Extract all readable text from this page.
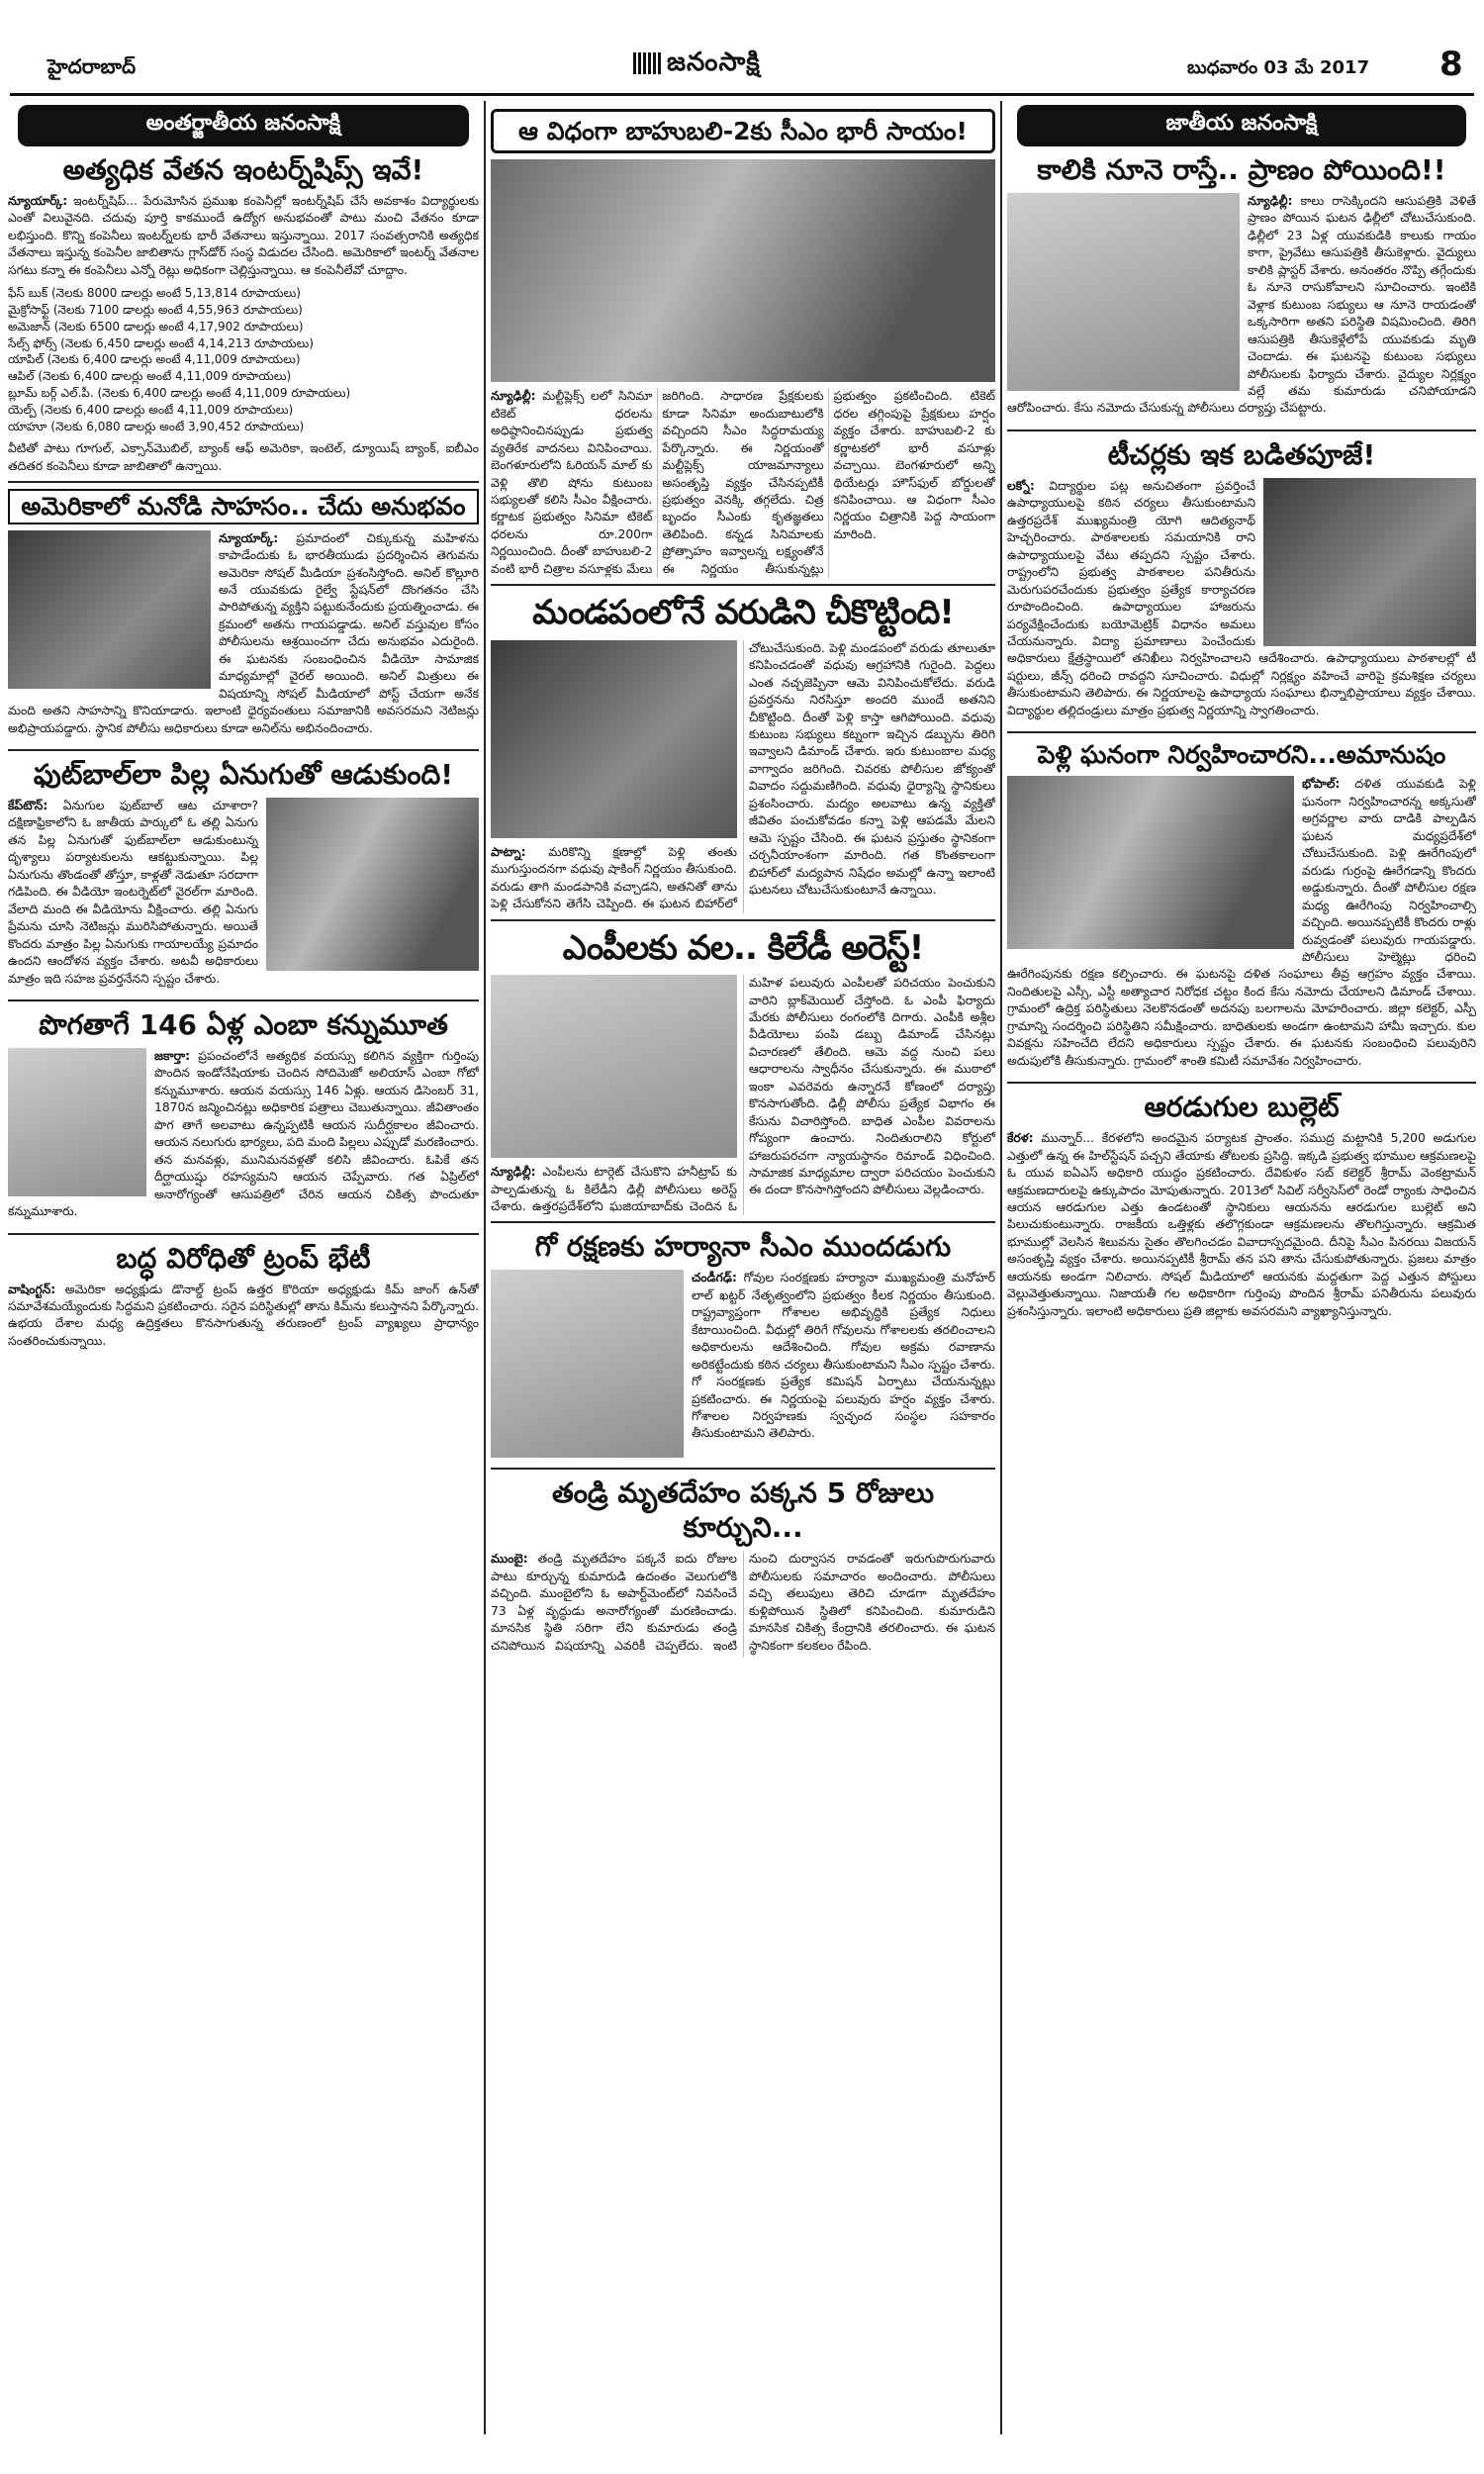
హైదరాబాద్	జనంసాక్షి	బుధవారం 03 మే 2017 8
అంతర్జాతీయ జనంసాక్షి
అత్యధిక వేతన ఇంటర్న్‌షిప్స్‌ ఇవే!

న్యూయార్క్‌: ఇంటర్న్‌షిప్‌... పేరుమోసిన ప్రముఖ కంపెనీల్లో ఇంటర్న్‌షిప్‌ చేసే అవకాశం విద్యార్థులకు ఎంతో విలువైనది. చదువు పూర్తి కాకముందే ఉద్యోగ అనుభవంతో పాటు మంచి వేతనం కూడా లభిస్తుంది. కొన్ని కంపెనీలు ఇంటర్న్‌లకు భారీ వేతనాలు ఇస్తున్నాయి. 2017 సంవత్సరానికి అత్యధిక వేతనాలు ఇస్తున్న కంపెనీల జాబితాను గ్లాస్‌డోర్‌ సంస్థ విడుదల చేసింది. అమెరికాలో ఇంటర్న్‌ వేతనాల సగటు కన్నా ఈ కంపెనీలు ఎన్నో రెట్లు అధికంగా చెల్లిస్తున్నాయి. ఆ కంపెనీలేవో చూద్దాం.

ఫేస్‌ బుక్‌ (నెలకు 8000 డాలర్లు అంటే 5,13,814 రూపాయలు)
మైక్రోసాఫ్ట్‌ (నెలకు 7100 డాలర్లు అంటే 4,55,963 రూపాయలు)
అమెజాన్‌ (నెలకు 6500 డాలర్లు అంటే 4,17,902 రూపాయలు)
సేల్స్‌ ఫోర్స్‌ (నెలకు 6,450 డాలర్లు అంటే 4,14,213 రూపాయలు)
యాపిల్‌ (నెలకు 6,400 డాలర్లు అంటే 4,11,009 రూపాయలు)
ఆపిల్‌ (నెలకు 6,400 డాలర్లు అంటే 4,11,009 రూపాయలు)
బ్లూమ్‌ బర్గ్‌ ఎల్‌.పీ. (నెలకు 6,400 డాలర్లు అంటే 4,11,009 రూపాయలు)
యెల్ప్‌ (నెలకు 6,400 డాలర్లు అంటే 4,11,009 రూపాయలు)
యాహూ (నెలకు 6,080 డాలర్లు అంటే 3,90,452 రూపాయలు)

వీటితో పాటు గూగుల్‌, ఎక్సాన్‌మొబిల్‌, బ్యాంక్‌ ఆఫ్‌ అమెరికా, ఇంటెల్‌, డ్యూయిష్‌ బ్యాంక్‌, ఐబీఎం తదితర కంపెనీలు కూడా జాబితాలో ఉన్నాయి.

అమెరికాలో మనోడి సాహసం.. చేదు అనుభవం

న్యూయార్క్‌: ప్రమాదంలో చిక్కుకున్న మహిళను కాపాడేందుకు ఓ భారతీయుడు ప్రదర్శించిన తెగువను అమెరికా సోషల్‌ మీడియా ప్రశంసిస్తోంది. అనిల్‌ కొల్లూరి అనే యువకుడు రైల్వే స్టేషన్‌లో దొంగతనం చేసి పారిపోతున్న వ్యక్తిని పట్టుకునేందుకు ప్రయత్నించాడు. ఈ క్రమంలో అతను గాయపడ్డాడు. అనిల్‌ వస్తువుల కోసం పోలీసులను ఆశ్రయించగా చేదు అనుభవం ఎదురైంది. ఈ ఘటనకు సంబంధించిన వీడియో సామాజిక మాధ్యమాల్లో వైరల్‌ అయింది. అనిల్‌ మిత్రులు ఈ విషయాన్ని సోషల్‌ మీడియాలో పోస్ట్‌ చేయగా అనేక మంది అతని సాహసాన్ని కొనియాడారు. ఇలాంటి ధైర్యవంతులు సమాజానికి అవసరమని నెటిజన్లు అభిప్రాయపడ్డారు. స్థానిక పోలీసు అధికారులు కూడా అనిల్‌ను అభినందించారు.

ఫుట్‌బాల్‌లా పిల్ల ఏనుగుతో ఆడుకుంది!

కేప్‌టౌన్‌: ఏనుగుల ఫుట్‌బాల్‌ ఆట చూశారా? దక్షిణాఫ్రికాలోని ఓ జాతీయ పార్కులో ఓ తల్లి ఏనుగు తన పిల్ల ఏనుగుతో ఫుట్‌బాల్‌లా ఆడుకుంటున్న దృశ్యాలు పర్యాటకులను ఆకట్టుకున్నాయి. పిల్ల ఏనుగును తొండంతో తోస్తూ, కాళ్లతో నెడుతూ సరదాగా గడిపింది. ఈ వీడియో ఇంటర్నెట్‌లో వైరల్‌గా మారింది. వేలాది మంది ఈ వీడియోను వీక్షించారు. తల్లి ఏనుగు ప్రేమను చూసి నెటిజన్లు మురిసిపోతున్నారు. అయితే కొందరు మాత్రం పిల్ల ఏనుగుకు గాయాలయ్యే ప్రమాదం ఉందని ఆందోళన వ్యక్తం చేశారు. అటవీ అధికారులు మాత్రం ఇది సహజ ప్రవర్తనేనని స్పష్టం చేశారు.

పొగతాగే 146 ఏళ్ల ఎంబా కన్నుమూత

జకార్తా: ప్రపంచంలోనే అత్యధిక వయస్సు కలిగిన వ్యక్తిగా గుర్తింపు పొందిన ఇండోనేషియాకు చెందిన సోదిమెజో అలియాస్‌ ఎంబా గోటో కన్నుమూశారు. ఆయన వయస్సు 146 ఏళ్లు. ఆయన డిసెంబర్‌ 31, 1870న జన్మించినట్లు అధికారిక పత్రాలు చెబుతున్నాయి. జీవితాంతం పొగ తాగే అలవాటు ఉన్నప్పటికీ ఆయన సుదీర్ఘకాలం జీవించారు. ఆయన నలుగురు భార్యలు, పది మంది పిల్లలు ఎప్పుడో మరణించారు. తన మనవళ్లు, మునిమనవళ్లతో కలిసి జీవించారు. ఓపికే తన దీర్ఘాయుష్షు రహస్యమని ఆయన చెప్పేవారు. గత ఏప్రిల్‌లో అనారోగ్యంతో ఆసుపత్రిలో చేరిన ఆయన చికిత్స పొందుతూ కన్నుమూశారు.

బద్ధ విరోధితో ట్రంప్‌ భేటీ

వాషింగ్టన్‌: అమెరికా అధ్యక్షుడు డొనాల్డ్‌ ట్రంప్‌ ఉత్తర కొరియా అధ్యక్షుడు కిమ్‌ జాంగ్‌ ఉన్‌తో సమావేశమయ్యేందుకు సిద్ధమని ప్రకటించారు. సరైన పరిస్థితుల్లో తాను కిమ్‌ను కలుస్తానని పేర్కొన్నారు. ఉభయ దేశాల మధ్య ఉద్రిక్తతలు కొనసాగుతున్న తరుణంలో ట్రంప్‌ వ్యాఖ్యలు ప్రాధాన్యం సంతరించుకున్నాయి.

ఆ విధంగా బాహుబలి-2కు సీఎం భారీ సాయం!

న్యూఢిల్లీ: మల్టీప్లెక్స్‌ లలో సినిమా టికెట్‌ ధరలను అధిష్ఠానించినప్పుడు ప్రభుత్వ వ్యతిరేక వాదనలు వినిపించాయి. బెంగళూరులోని ఓరియన్‌ మాల్‌ కు వెళ్లి తొలి షోను కుటుంబ సభ్యులతో కలిసి సీఎం వీక్షించారు. కర్ణాటక ప్రభుత్వం సినిమా టికెట్‌ ధరలను రూ.200గా నిర్ణయించింది. దీంతో బాహుబలి-2 వంటి భారీ చిత్రాల వసూళ్లకు మేలు జరిగింది. సాధారణ ప్రేక్షకులకు కూడా సినిమా అందుబాటులోకి వచ్చిందని సీఎం సిద్ధరామయ్య పేర్కొన్నారు. ఈ నిర్ణయంతో మల్టీప్లెక్స్‌ యాజమాన్యాలు అసంతృప్తి వ్యక్తం చేసినప్పటికీ ప్రభుత్వం వెనక్కి తగ్గలేదు. చిత్ర బృందం సీఎంకు కృతజ్ఞతలు తెలిపింది. కన్నడ సినిమాలకు ప్రోత్సాహం ఇవ్వాలన్న లక్ష్యంతోనే ఈ నిర్ణయం తీసుకున్నట్లు ప్రభుత్వం ప్రకటించింది. టికెట్‌ ధరల తగ్గింపుపై ప్రేక్షకులు హర్షం వ్యక్తం చేశారు. బాహుబలి-2 కు కర్ణాటకలో భారీ వసూళ్లు వచ్చాయి. బెంగళూరులో అన్ని థియేటర్లు హౌస్‌ఫుల్‌ బోర్డులతో కనిపించాయి. ఆ విధంగా సీఎం నిర్ణయం చిత్రానికి పెద్ద సాయంగా మారింది.

మండపంలోనే వరుడిని చీకొట్టింది!

పాట్నా: మరికొన్ని క్షణాల్లో పెళ్లి తంతు ముగుస్తుందనగా వధువు షాకింగ్‌ నిర్ణయం తీసుకుంది. వరుడు తాగి మండపానికి వచ్చాడని, అతనితో తాను పెళ్లి చేసుకోనని తెగేసి చెప్పింది. ఈ ఘటన బిహార్‌లో చోటుచేసుకుంది. పెళ్లి మండపంలో వరుడు తూలుతూ కనిపించడంతో వధువు ఆగ్రహానికి గురైంది. పెద్దలు ఎంత నచ్చజెప్పినా ఆమె వినిపించుకోలేదు. వరుడి ప్రవర్తనను నిరసిస్తూ అందరి ముందే అతనిని చీకొట్టింది. దీంతో పెళ్లి కాస్తా ఆగిపోయింది. వధువు కుటుంబ సభ్యులు కట్నంగా ఇచ్చిన డబ్బును తిరిగి ఇవ్వాలని డిమాండ్‌ చేశారు. ఇరు కుటుంబాల మధ్య వాగ్వాదం జరిగింది. చివరకు పోలీసుల జోక్యంతో వివాదం సద్దుమణిగింది. వధువు ధైర్యాన్ని స్థానికులు ప్రశంసించారు. మద్యం అలవాటు ఉన్న వ్యక్తితో జీవితం పంచుకోవడం కన్నా పెళ్లి ఆపడమే మేలని ఆమె స్పష్టం చేసింది. ఈ ఘటన ప్రస్తుతం స్థానికంగా చర్చనీయాంశంగా మారింది. గత కొంతకాలంగా బిహార్‌లో మద్యపాన నిషేధం అమల్లో ఉన్నా ఇలాంటి ఘటనలు చోటుచేసుకుంటూనే ఉన్నాయి.

ఎంపీలకు వల.. కిలేడీ అరెస్ట్‌!

న్యూఢిల్లీ: ఎంపీలను టార్గెట్‌ చేసుకొని హనీట్రాప్‌ కు పాల్పడుతున్న ఓ కిలేడీని ఢిల్లీ పోలీసులు అరెస్ట్‌ చేశారు. ఉత్తరప్రదేశ్‌లోని ఘజియాబాద్‌కు చెందిన ఓ మహిళ పలువురు ఎంపీలతో పరిచయం పెంచుకుని వారిని బ్లాక్‌మెయిల్‌ చేస్తోంది. ఓ ఎంపీ ఫిర్యాదు మేరకు పోలీసులు రంగంలోకి దిగారు. ఎంపీకి అశ్లీల వీడియోలు పంపి డబ్బు డిమాండ్‌ చేసినట్లు విచారణలో తేలింది. ఆమె వద్ద నుంచి పలు ఆధారాలను స్వాధీనం చేసుకున్నారు. ఈ ముఠాలో ఇంకా ఎవరెవరు ఉన్నారనే కోణంలో దర్యాప్తు కొనసాగుతోంది. ఢిల్లీ పోలీసు ప్రత్యేక విభాగం ఈ కేసును విచారిస్తోంది. బాధిత ఎంపీల వివరాలను గోప్యంగా ఉంచారు. నిందితురాలిని కోర్టులో హాజరుపరచగా న్యాయస్థానం రిమాండ్‌ విధించింది. సామాజిక మాధ్యమాల ద్వారా పరిచయం పెంచుకుని ఈ దందా కొనసాగిస్తోందని పోలీసులు వెల్లడించారు.

గో రక్షణకు హర్యానా సీఎం ముందడుగు

చండీగఢ్‌: గోవుల సంరక్షణకు హర్యానా ముఖ్యమంత్రి మనోహర్‌ లాల్‌ ఖట్టర్‌ నేతృత్వంలోని ప్రభుత్వం కీలక నిర్ణయం తీసుకుంది. రాష్ట్రవ్యాప్తంగా గోశాలల అభివృద్ధికి ప్రత్యేక నిధులు కేటాయించింది. వీధుల్లో తిరిగే గోవులను గోశాలలకు తరలించాలని అధికారులను ఆదేశించింది. గోవుల అక్రమ రవాణాను అరికట్టేందుకు కఠిన చర్యలు తీసుకుంటామని సీఎం స్పష్టం చేశారు. గో సంరక్షణకు ప్రత్యేక కమిషన్‌ ఏర్పాటు చేయనున్నట్లు ప్రకటించారు. ఈ నిర్ణయంపై పలువురు హర్షం వ్యక్తం చేశారు. గోశాలల నిర్వహణకు స్వచ్ఛంద సంస్థల సహకారం తీసుకుంటామని తెలిపారు.

తండ్రి మృతదేహం పక్కన 5 రోజులు కూర్చుని...

ముంబై: తండ్రి మృతదేహం పక్కనే ఐదు రోజుల పాటు కూర్చున్న కుమారుడి ఉదంతం వెలుగులోకి వచ్చింది. ముంబైలోని ఓ అపార్ట్‌మెంట్‌లో నివసించే 73 ఏళ్ల వృద్ధుడు అనారోగ్యంతో మరణించాడు. మానసిక స్థితి సరిగా లేని కుమారుడు తండ్రి చనిపోయిన విషయాన్ని ఎవరికీ చెప్పలేదు. ఇంటి నుంచి దుర్వాసన రావడంతో ఇరుగుపొరుగువారు పోలీసులకు సమాచారం అందించారు. పోలీసులు వచ్చి తలుపులు తెరిచి చూడగా మృతదేహం కుళ్లిపోయిన స్థితిలో కనిపించింది. కుమారుడిని మానసిక చికిత్స కేంద్రానికి తరలించారు. ఈ ఘటన స్థానికంగా కలకలం రేపింది.

జాతీయ జనంసాక్షి
కాలికి నూనె రాస్తే.. ప్రాణం పోయింది!!

న్యూఢిల్లీ: కాలు రాసెక్కిందని ఆసుపత్రికి వెళితే ప్రాణం పోయిన ఘటన ఢిల్లీలో చోటుచేసుకుంది. ఢిల్లీలో 23 ఏళ్ల యువకుడికి కాలుకు గాయం కాగా, ప్రైవేటు ఆసుపత్రికి తీసుకెళ్లారు. వైద్యులు కాలికి ప్లాస్టర్‌ వేశారు. అనంతరం నొప్పి తగ్గేందుకు ఓ నూనె రాసుకోవాలని సూచించారు. ఇంటికి వెళ్లాక కుటుంబ సభ్యులు ఆ నూనె రాయడంతో ఒక్కసారిగా అతని పరిస్థితి విషమించింది. తిరిగి ఆసుపత్రికి తీసుకెళ్లేలోపే యువకుడు మృతి చెందాడు. ఈ ఘటనపై కుటుంబ సభ్యులు పోలీసులకు ఫిర్యాదు చేశారు. వైద్యుల నిర్లక్ష్యం వల్లే తమ కుమారుడు చనిపోయాడని ఆరోపించారు. కేసు నమోదు చేసుకున్న పోలీసులు దర్యాప్తు చేపట్టారు.

టీచర్లకు ఇక బడితపూజే!

లక్నో: విద్యార్థుల పట్ల అనుచితంగా ప్రవర్తించే ఉపాధ్యాయులపై కఠిన చర్యలు తీసుకుంటామని ఉత్తరప్రదేశ్‌ ముఖ్యమంత్రి యోగి ఆదిత్యనాథ్‌ హెచ్చరించారు. పాఠశాలలకు సమయానికి రాని ఉపాధ్యాయులపై వేటు తప్పదని స్పష్టం చేశారు. రాష్ట్రంలోని ప్రభుత్వ పాఠశాలల పనితీరును మెరుగుపరచేందుకు ప్రభుత్వం ప్రత్యేక కార్యాచరణ రూపొందించింది. ఉపాధ్యాయుల హాజరును పర్యవేక్షించేందుకు బయోమెట్రిక్‌ విధానం అమలు చేయనున్నారు. విద్యా ప్రమాణాలు పెంచేందుకు అధికారులు క్షేత్రస్థాయిలో తనిఖీలు నిర్వహించాలని ఆదేశించారు. ఉపాధ్యాయులు పాఠశాలల్లో టీ షర్టులు, జీన్స్‌ ధరించి రావద్దని సూచించారు. విధుల్లో నిర్లక్ష్యం వహించే వారిపై క్రమశిక్షణ చర్యలు తీసుకుంటామని తెలిపారు. ఈ నిర్ణయాలపై ఉపాధ్యాయ సంఘాలు భిన్నాభిప్రాయాలు వ్యక్తం చేశాయి. విద్యార్థుల తల్లిదండ్రులు మాత్రం ప్రభుత్వ నిర్ణయాన్ని స్వాగతించారు.

పెళ్లి ఘనంగా నిర్వహించారని...అమానుషం

భోపాల్‌: దళిత యువకుడి పెళ్లి ఘనంగా నిర్వహించారన్న అక్కసుతో అగ్రవర్ణాల వారు దాడికి పాల్పడిన ఘటన మధ్యప్రదేశ్‌లో చోటుచేసుకుంది. పెళ్లి ఊరేగింపులో వరుడు గుర్రంపై ఊరేగడాన్ని కొందరు అడ్డుకున్నారు. దీంతో పోలీసుల రక్షణ మధ్య ఊరేగింపు నిర్వహించాల్సి వచ్చింది. అయినప్పటికీ కొందరు రాళ్లు రువ్వడంతో పలువురు గాయపడ్డారు. పోలీసులు హెల్మెట్లు ధరించి ఊరేగింపునకు రక్షణ కల్పించారు. ఈ ఘటనపై దళిత సంఘాలు తీవ్ర ఆగ్రహం వ్యక్తం చేశాయి. నిందితులపై ఎస్సీ, ఎస్టీ అత్యాచార నిరోధక చట్టం కింద కేసు నమోదు చేయాలని డిమాండ్‌ చేశాయి. గ్రామంలో ఉద్రిక్త పరిస్థితులు నెలకొనడంతో అదనపు బలగాలను మోహరించారు. జిల్లా కలెక్టర్‌, ఎస్పీ గ్రామాన్ని సందర్శించి పరిస్థితిని సమీక్షించారు. బాధితులకు అండగా ఉంటామని హామీ ఇచ్చారు. కుల వివక్షను సహించేది లేదని అధికారులు స్పష్టం చేశారు. ఈ ఘటనకు సంబంధించి పలువురిని అదుపులోకి తీసుకున్నారు. గ్రామంలో శాంతి కమిటీ సమావేశం నిర్వహించారు.

ఆరడుగుల బుల్లెట్‌

కేరళ: మున్నార్‌... కేరళలోని అందమైన పర్యాటక ప్రాంతం. సముద్ర మట్టానికి 5,200 అడుగుల ఎత్తులో ఉన్న ఈ హిల్‌స్టేషన్‌ పచ్చని తేయాకు తోటలకు ప్రసిద్ధి. ఇక్కడి ప్రభుత్వ భూముల ఆక్రమణలపై ఓ యువ ఐఏఎస్‌ అధికారి యుద్ధం ప్రకటించారు. దేవికుళం సబ్‌ కలెక్టర్‌ శ్రీరామ్‌ వెంకట్రామన్‌ ఆక్రమణదారులపై ఉక్కుపాదం మోపుతున్నారు. 2013లో సివిల్‌ సర్వీసెస్‌లో రెండో ర్యాంకు సాధించిన ఆయన ఆరడుగుల ఎత్తు ఉండటంతో స్థానికులు ఆయనను ఆరడుగుల బుల్లెట్‌ అని పిలుచుకుంటున్నారు. రాజకీయ ఒత్తిళ్లకు తలొగ్గకుండా ఆక్రమణలను తొలగిస్తున్నారు. ఆక్రమిత భూముల్లో వెలసిన శిలువను సైతం తొలగించడం వివాదాస్పదమైంది. దీనిపై సీఎం పినరయి విజయన్‌ అసంతృప్తి వ్యక్తం చేశారు. అయినప్పటికీ శ్రీరామ్‌ తన పని తాను చేసుకుపోతున్నారు. ప్రజలు మాత్రం ఆయనకు అండగా నిలిచారు. సోషల్‌ మీడియాలో ఆయనకు మద్దతుగా పెద్ద ఎత్తున పోస్టులు వెల్లువెత్తుతున్నాయి. నిజాయతీ గల అధికారిగా గుర్తింపు పొందిన శ్రీరామ్‌ పనితీరును పలువురు ప్రశంసిస్తున్నారు. ఇలాంటి అధికారులు ప్రతి జిల్లాకు అవసరమని వ్యాఖ్యానిస్తున్నారు.
